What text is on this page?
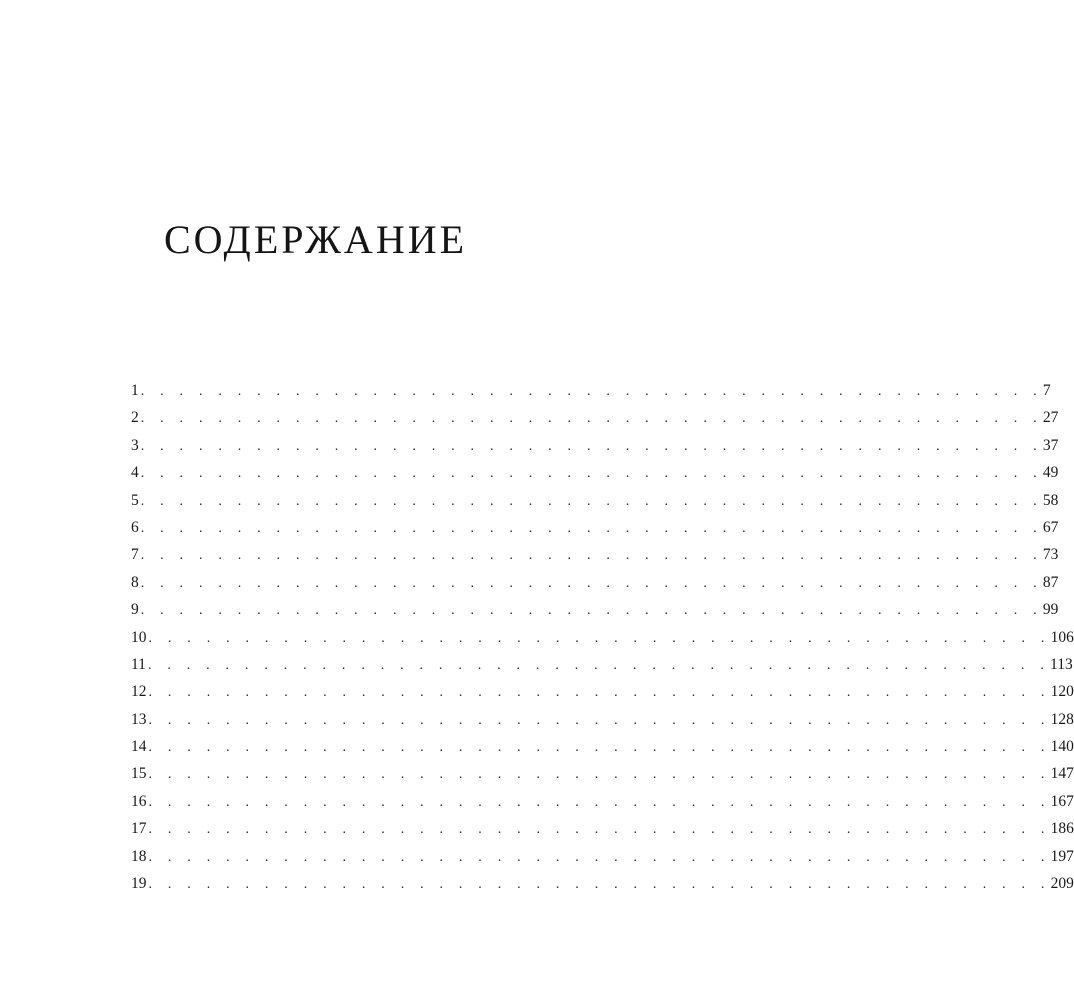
СОДЕРЖАНИЕ
1 . . . . . . . . . . . . . . . . . . . . . . . . . . . . . . . . . . . . . . . . . . . . . . . 7
2 . . . . . . . . . . . . . . . . . . . . . . . . . . . . . . . . . . . . . . . . . . . . . . . 27
3 . . . . . . . . . . . . . . . . . . . . . . . . . . . . . . . . . . . . . . . . . . . . . . . 37
4 . . . . . . . . . . . . . . . . . . . . . . . . . . . . . . . . . . . . . . . . . . . . . . . 49
5 . . . . . . . . . . . . . . . . . . . . . . . . . . . . . . . . . . . . . . . . . . . . . . . 58
6 . . . . . . . . . . . . . . . . . . . . . . . . . . . . . . . . . . . . . . . . . . . . . . . 67
7 . . . . . . . . . . . . . . . . . . . . . . . . . . . . . . . . . . . . . . . . . . . . . . . 73
8 . . . . . . . . . . . . . . . . . . . . . . . . . . . . . . . . . . . . . . . . . . . . . . . 87
9 . . . . . . . . . . . . . . . . . . . . . . . . . . . . . . . . . . . . . . . . . . . . . . . 99
10 . . . . . . . . . . . . . . . . . . . . . . . . . . . . . . . . . . . . . . . . . . . . . . . 106
11 . . . . . . . . . . . . . . . . . . . . . . . . . . . . . . . . . . . . . . . . . . . . . . . 113
12 . . . . . . . . . . . . . . . . . . . . . . . . . . . . . . . . . . . . . . . . . . . . . . . 120
13 . . . . . . . . . . . . . . . . . . . . . . . . . . . . . . . . . . . . . . . . . . . . . . . 128
14 . . . . . . . . . . . . . . . . . . . . . . . . . . . . . . . . . . . . . . . . . . . . . . . 140
15 . . . . . . . . . . . . . . . . . . . . . . . . . . . . . . . . . . . . . . . . . . . . . . . 147
16 . . . . . . . . . . . . . . . . . . . . . . . . . . . . . . . . . . . . . . . . . . . . . . . 167
17 . . . . . . . . . . . . . . . . . . . . . . . . . . . . . . . . . . . . . . . . . . . . . . . 186
18 . . . . . . . . . . . . . . . . . . . . . . . . . . . . . . . . . . . . . . . . . . . . . . . 197
19 . . . . . . . . . . . . . . . . . . . . . . . . . . . . . . . . . . . . . . . . . . . . . . . 209
